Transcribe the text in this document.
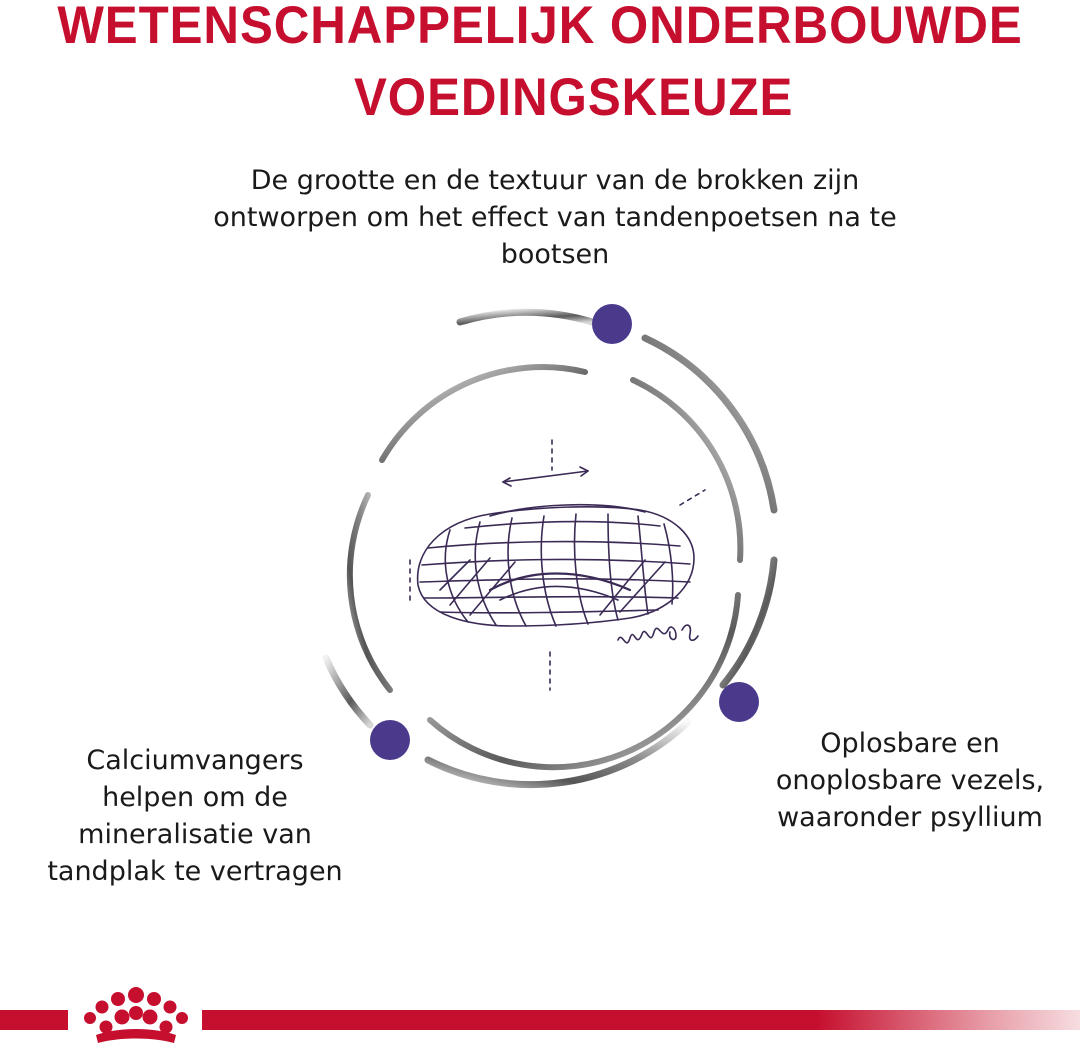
WETENSCHAPPELIJK ONDERBOUWDE
VOEDINGSKEUZE
De grootte en de textuur van de brokken zijn
ontworpen om het effect van tandenpoetsen na te
bootsen
Calciumvangers
helpen om de
mineralisatie van
tandplak te vertragen
Oplosbare en
onoplosbare vezels,
waaronder psyllium
